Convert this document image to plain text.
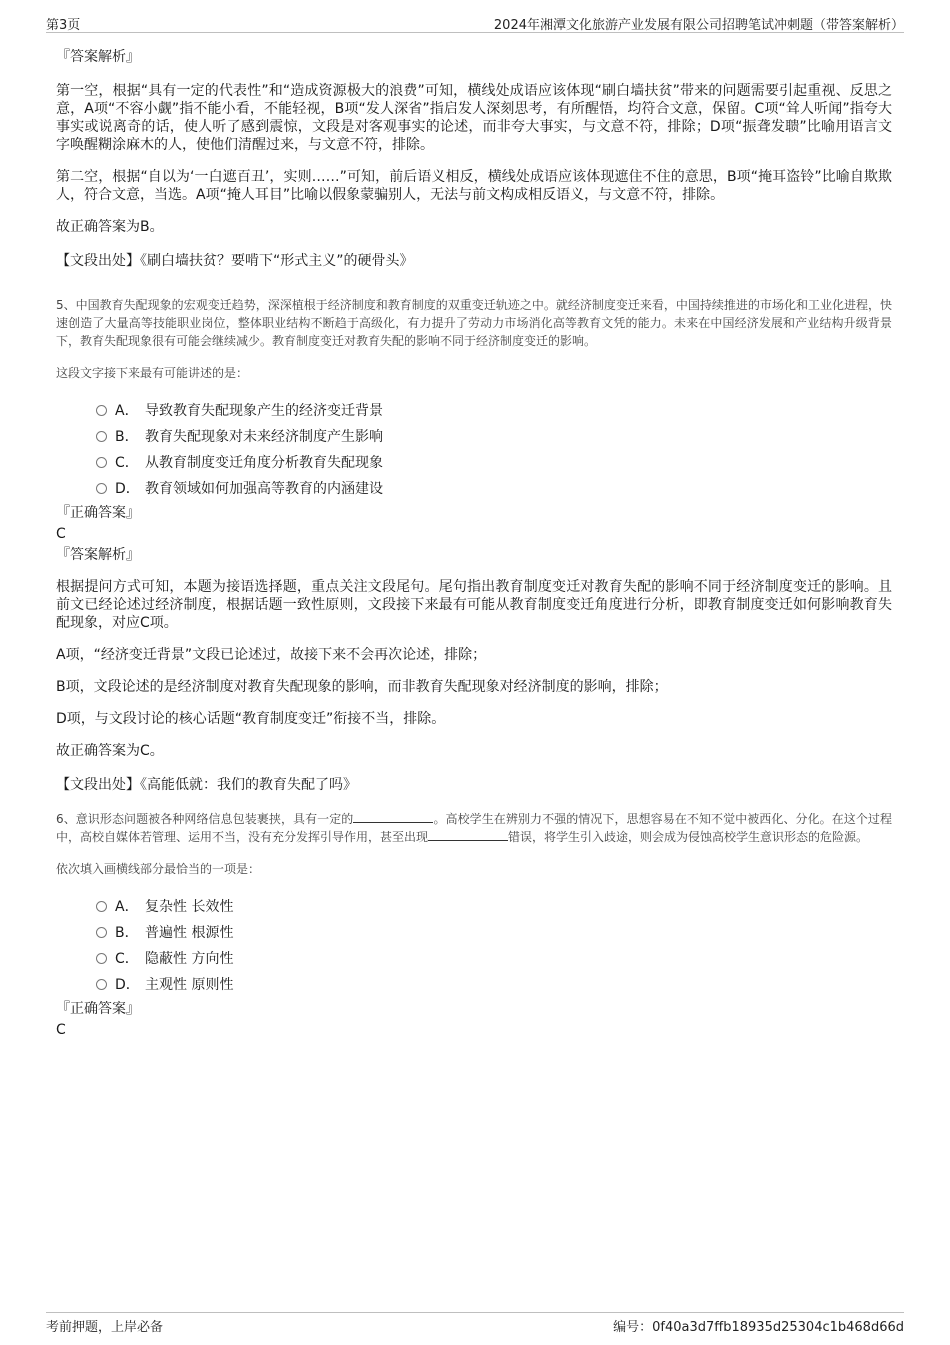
第3页	2024年湘潭文化旅游产业发展有限公司招聘笔试冲刺题（带答案解析）

『答案解析』

第一空，根据“具有一定的代表性”和“造成资源极大的浪费”可知，横线处成语应该体现“刷白墙扶贫”带来的问题需要引起重视、反思之意，A项“不容小觑”指不能小看，不能轻视，B项“发人深省”指启发人深刻思考，有所醒悟，均符合文意，保留。C项“耸人听闻”指夸大事实或说离奇的话，使人听了感到震惊，文段是对客观事实的论述，而非夸大事实，与文意不符，排除；D项“振聋发聩”比喻用语言文字唤醒糊涂麻木的人，使他们清醒过来，与文意不符，排除。

第二空，根据“自以为‘一白遮百丑’，实则……”可知，前后语义相反，横线处成语应该体现遮住不住的意思，B项“掩耳盗铃”比喻自欺欺人，符合文意，当选。A项“掩人耳目”比喻以假象蒙骗别人，无法与前文构成相反语义，与文意不符，排除。

故正确答案为B。

【文段出处】《刷白墙扶贫？要啃下“形式主义”的硬骨头》

5、中国教育失配现象的宏观变迁趋势，深深植根于经济制度和教育制度的双重变迁轨迹之中。就经济制度变迁来看，中国持续推进的市场化和工业化进程，快速创造了大量高等技能职业岗位，整体职业结构不断趋于高级化，有力提升了劳动力市场消化高等教育文凭的能力。未来在中国经济发展和产业结构升级背景下，教育失配现象很有可能会继续减少。教育制度变迁对教育失配的影响不同于经济制度变迁的影响。

这段文字接下来最有可能讲述的是：

A． 导致教育失配现象产生的经济变迁背景
B． 教育失配现象对未来经济制度产生影响
C． 从教育制度变迁角度分析教育失配现象
D． 教育领域如何加强高等教育的内涵建设

『正确答案』

C

『答案解析』

根据提问方式可知，本题为接语选择题，重点关注文段尾句。尾句指出教育制度变迁对教育失配的影响不同于经济制度变迁的影响。且前文已经论述过经济制度，根据话题一致性原则，文段接下来最有可能从教育制度变迁角度进行分析，即教育制度变迁如何影响教育失配现象，对应C项。

A项，“经济变迁背景”文段已论述过，故接下来不会再次论述，排除；

B项，文段论述的是经济制度对教育失配现象的影响，而非教育失配现象对经济制度的影响，排除；

D项，与文段讨论的核心话题“教育制度变迁”衔接不当，排除。

故正确答案为C。

【文段出处】《高能低就：我们的教育失配了吗》

6、意识形态问题被各种网络信息包装裹挟，具有一定的	。高校学生在辨别力不强的情况下，思想容易在不知不觉中被西化、分化。在这个过程中，高校自媒体若管理、运用不当，没有充分发挥引导作用，甚至出现	错误，将学生引入歧途，则会成为侵蚀高校学生意识形态的危险源。

依次填入画横线部分最恰当的一项是：

A． 复杂性 长效性
B． 普遍性 根源性
C． 隐蔽性 方向性
D． 主观性 原则性

『正确答案』

C

考前押题，上岸必备	编号：0f40a3d7ffb18935d25304c1b468d66d
